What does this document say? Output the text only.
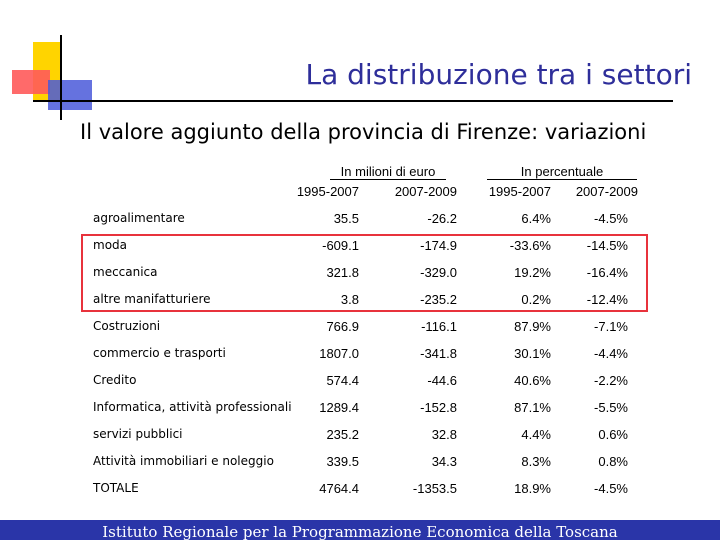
La distribuzione tra i settori
Il valore aggiunto della provincia di Firenze: variazioni
In milioni di euro	In percentuale
1995-2007	2007-2009 1995-2007 2007-2009
agroalimentare	35.5	-26.2	6.4%	-4.5%
moda	-609.1	-174.9	-33.6%	-14.5%
meccanica	321.8	-329.0	19.2%	-16.4%
altre manifatturiere	3.8	-235.2	0.2%	-12.4%
Costruzioni	766.9	-116.1	87.9%	-7.1%
commercio e trasporti	1807.0	-341.8	30.1%	-4.4%
Credito	574.4	-44.6	40.6%	-2.2%
Informatica, attività professionali 1289.4	-152.8	87.1%	-5.5%
servizi pubblici	235.2	32.8	4.4%	0.6%
Attività immobiliari e noleggio	339.5	34.3	8.3%	0.8%
TOTALE	4764.4	-1353.5	18.9%	-4.5%
Istituto Regionale per la Programmazione Economica della Toscana
